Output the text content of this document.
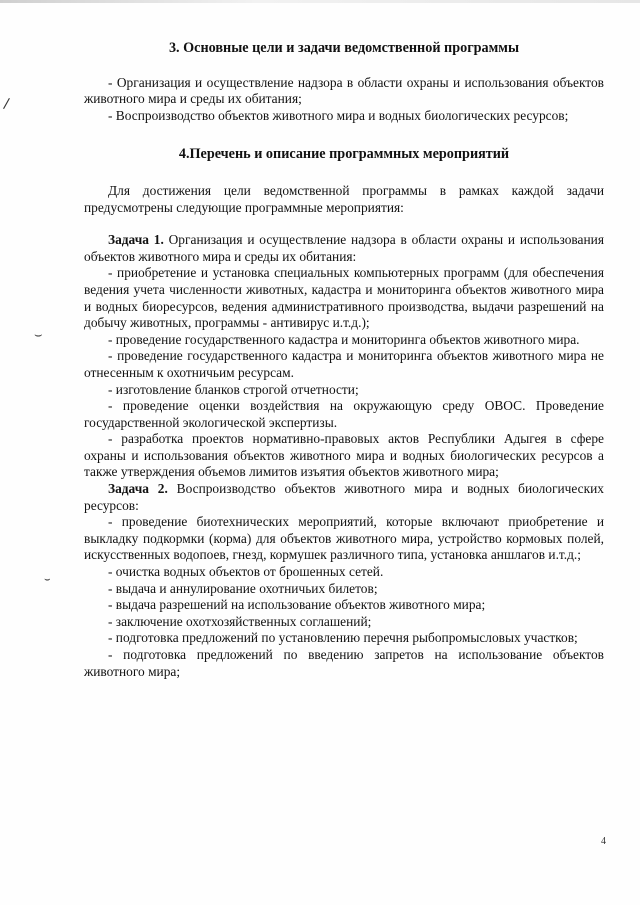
/
⌣
⌣
3. Основные цели и задачи ведомственной программы

- Организация и осуществление надзора в области охраны и использования объектов животного мира и среды их обитания;

- Воспроизводство объектов животного мира и водных биологических ресурсов;

4.Перечень и описание программных мероприятий

Для достижения цели ведомственной программы в рамках каждой задачи предусмотрены следующие программные мероприятия:

Задача 1. Организация и осуществление надзора в области охраны и использования объектов животного мира и среды их обитания:

- приобретение и установка специальных компьютерных программ (для обеспечения ведения учета численности животных, кадастра и мониторинга объектов животного мира и водных биоресурсов, ведения административного производства, выдачи разрешений на добычу животных, программы - антивирус и.т.д.);

- проведение государственного кадастра и мониторинга объектов животного мира.

- проведение государственного кадастра и мониторинга объектов животного мира не отнесенным к охотничьим ресурсам.

- изготовление бланков строгой отчетности;

- проведение оценки воздействия на окружающую среду ОВОС. Проведение государственной экологической экспертизы.

- разработка проектов нормативно-правовых актов Республики Адыгея в сфере охраны и использования объектов животного мира и водных биологических ресурсов а также утверждения объемов лимитов изъятия объектов животного мира;

Задача 2. Воспроизводство объектов животного мира и водных биологических ресурсов:

- проведение биотехнических мероприятий, которые включают приобретение и выкладку подкормки (корма) для объектов животного мира, устройство кормовых полей, искусственных водопоев, гнезд, кормушек различного типа, установка аншлагов и.т.д.;

- очистка водных объектов от брошенных сетей.

- выдача и аннулирование охотничьих билетов;

- выдача разрешений на использование объектов животного мира;

- заключение охотхозяйственных соглашений;

- подготовка предложений по установлению перечня рыбопромысловых участков;

- подготовка предложений по введению запретов на использование объектов животного мира;

4
